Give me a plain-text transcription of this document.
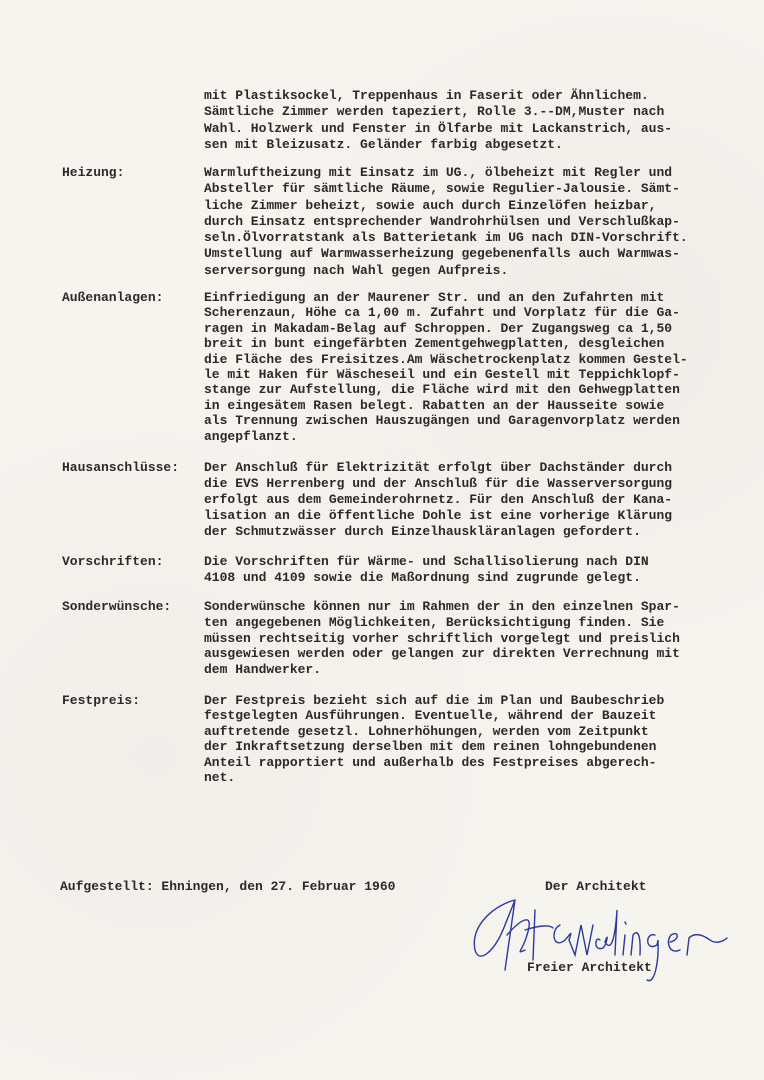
mit Plastiksockel, Treppenhaus in Faserit oder Ähnlichem.
Sämtliche Zimmer werden tapeziert, Rolle 3.--DM,Muster nach
Wahl. Holzwerk und Fenster in Ölfarbe mit Lackanstrich, aus-
sen mit Bleizusatz. Geländer farbig abgesetzt.
Heizung:	Warmluftheizung mit Einsatz im UG., ölbeheizt mit Regler und
Absteller für sämtliche Räume, sowie Regulier-Jalousie. Sämt-
liche Zimmer beheizt, sowie auch durch Einzelöfen heizbar,
durch Einsatz entsprechender Wandrohrhülsen und Verschlußkap-
seln.Ölvorratstank als Batterietank im UG nach DIN-Vorschrift.
Umstellung auf Warmwasserheizung gegebenenfalls auch Warmwas-
serversorgung nach Wahl gegen Aufpreis.
Außenanlagen:	Einfriedigung an der Maurener Str. und an den Zufahrten mit
Scherenzaun, Höhe ca 1,00 m. Zufahrt und Vorplatz für die Ga-
ragen in Makadam-Belag auf Schroppen. Der Zugangsweg ca 1,50
breit in bunt eingefärbten Zementgehwegplatten, desgleichen
die Fläche des Freisitzes.Am Wäschetrockenplatz kommen Gestel-
le mit Haken für Wäscheseil und ein Gestell mit Teppichklopf-
stange zur Aufstellung, die Fläche wird mit den Gehwegplatten
in eingesätem Rasen belegt. Rabatten an der Hausseite sowie
als Trennung zwischen Hauszugängen und Garagenvorplatz werden
angepflanzt.
Hausanschlüsse: Der Anschluß für Elektrizität erfolgt über Dachständer durch
die EVS Herrenberg und der Anschluß für die Wasserversorgung
erfolgt aus dem Gemeinderohrnetz. Für den Anschluß der Kana-
lisation an die öffentliche Dohle ist eine vorherige Klärung
der Schmutzwässer durch Einzelhauskläranlagen gefordert.
Vorschriften:	Die Vorschriften für Wärme- und Schallisolierung nach DIN
4108 und 4109 sowie die Maßordnung sind zugrunde gelegt.
Sonderwünsche:	Sonderwünsche können nur im Rahmen der in den einzelnen Spar-
ten angegebenen Möglichkeiten, Berücksichtigung finden. Sie
müssen rechtseitig vorher schriftlich vorgelegt und preislich
ausgewiesen werden oder gelangen zur direkten Verrechnung mit
dem Handwerker.
Festpreis:	Der Festpreis bezieht sich auf die im Plan und Baubeschrieb
festgelegten Ausführungen. Eventuelle, während der Bauzeit
auftretende gesetzl. Lohnerhöhungen, werden vom Zeitpunkt
der Inkraftsetzung derselben mit dem reinen lohngebundenen
Anteil rapportiert und außerhalb des Festpreises abgerech-
net.
Aufgestellt: Ehningen, den 27. Februar 1960	Der Architekt
Freier Architekt
